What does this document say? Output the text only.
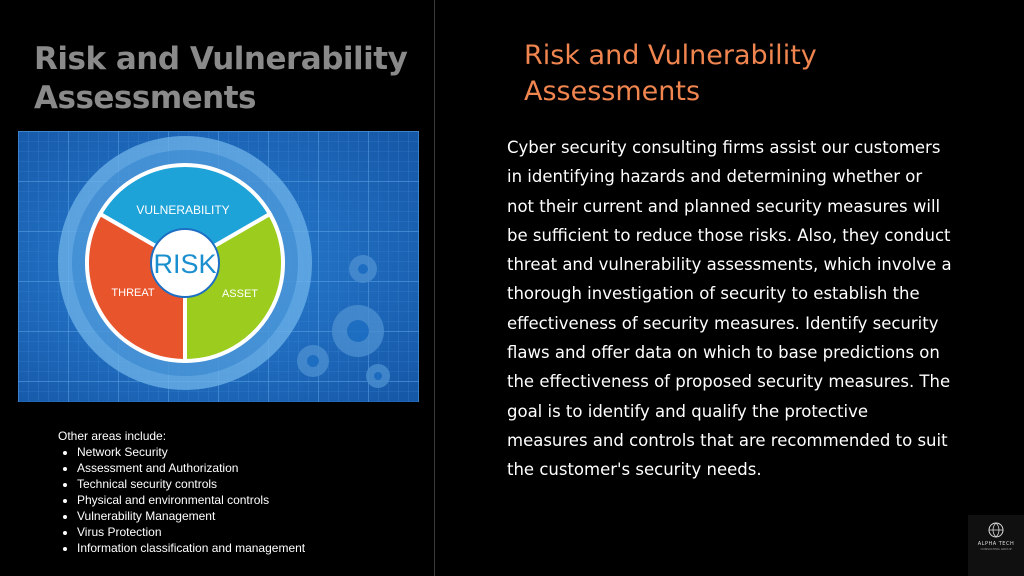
Risk and Vulnerability Assessments
Risk and Vulnerability Assessments
RISK
VULNERABILITY
THREAT	ASSET

Cyber security consulting firms assist our customers in identifying hazards and determining whether or not their current and planned security measures will be sufficient to reduce those risks. Also, they conduct threat and vulnerability assessments, which involve a thorough investigation of security to establish the effectiveness of security measures. Identify security flaws and offer data on which to base predictions on the effectiveness of proposed security measures. The goal is to identify and qualify the protective measures and controls that are recommended to suit the customer's security needs.

Other areas include:
• Network Security
• Assessment and Authorization
• Technical security controls
• Physical and environmental controls
• Vulnerability Management
• Virus Protection
• Information classification and management	ALPHA TECH
CONSULTING GROUP
